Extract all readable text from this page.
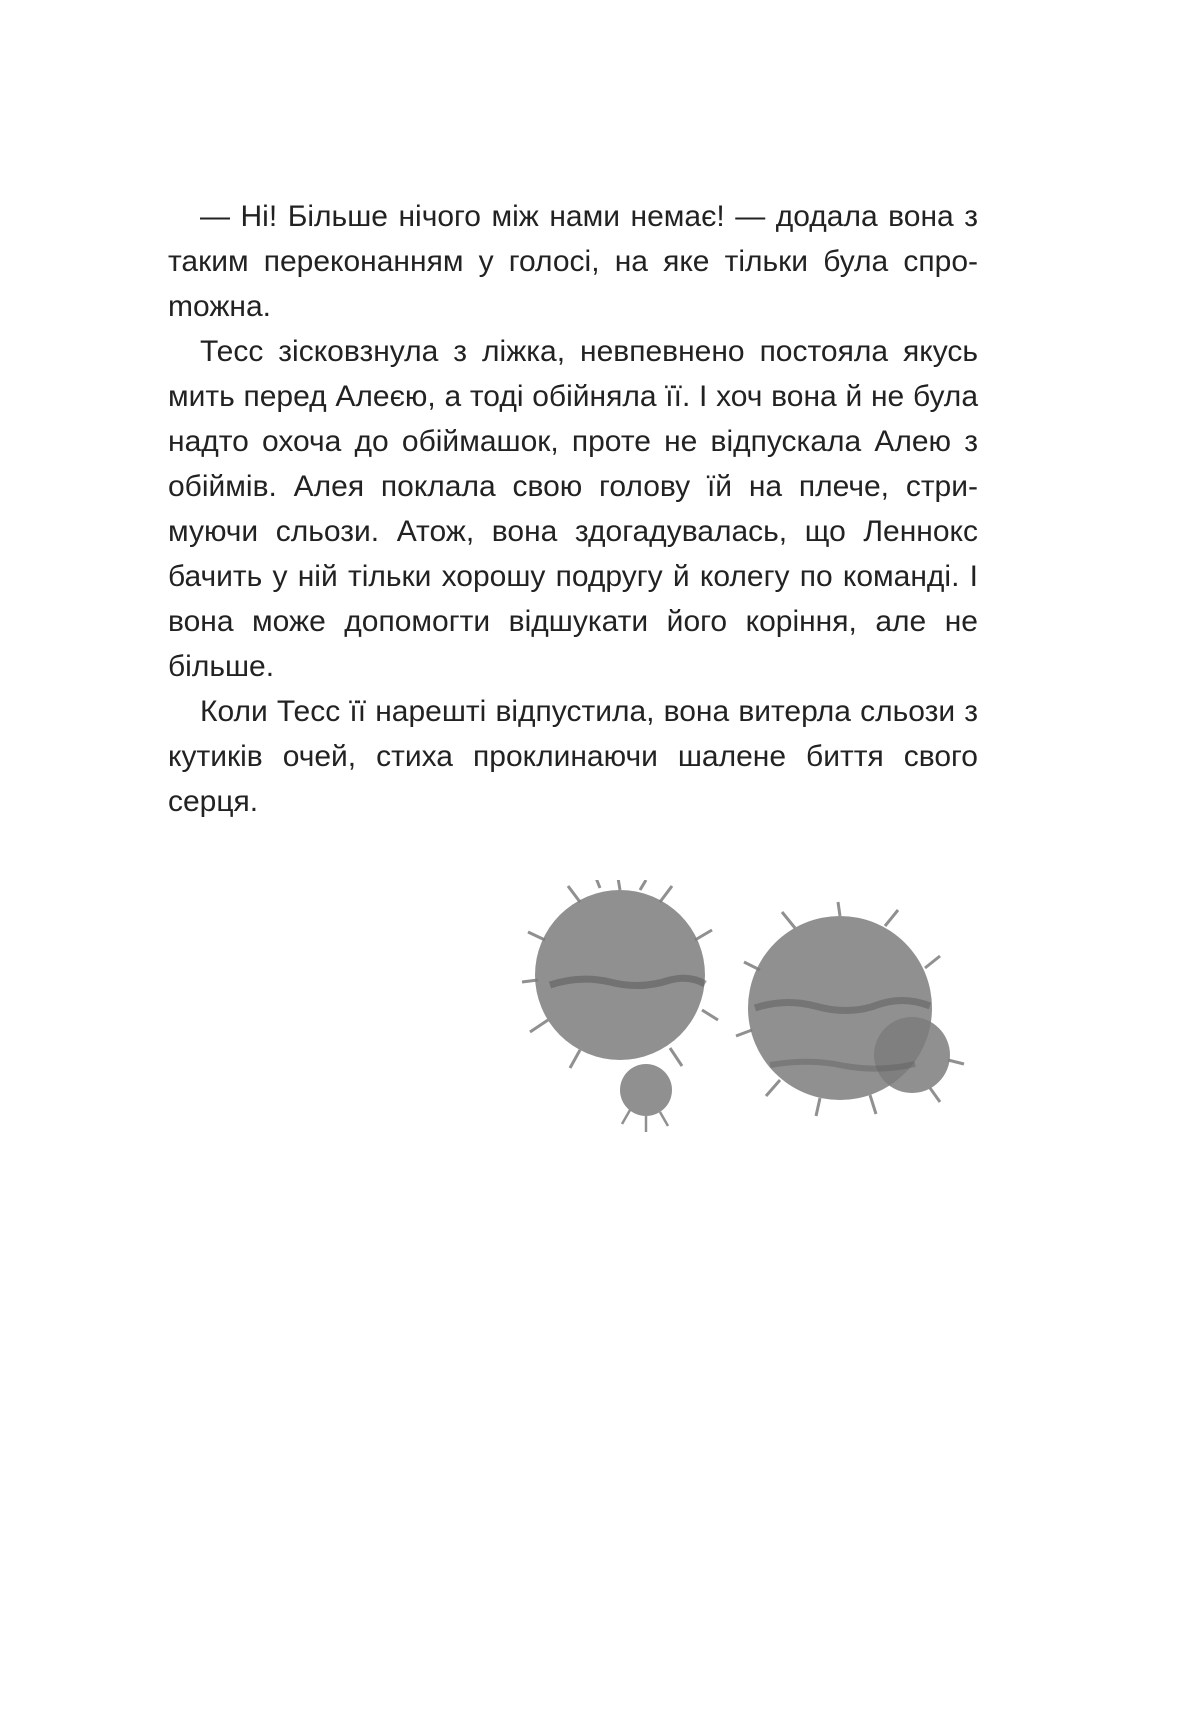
— Ні! Більше нічого між нами немає! — додала вона з таким переконанням у голосі, на яке тільки була спроmожна.

Тесс зісковзнула з ліжка, невпевнено постояла якусь мить перед Алеєю, а тоді обійняла її. І хоч вона й не була надто охоча до обіймашок, проте не відпускала Алею з обіймів. Алея поклала свою голову їй на плече, стримуючи сльози. Атож, вона здогадувалась, що Леннокс бачить у ній тільки хорошу подругу й колегу по команді. І вона може допомогти відшукати його коріння, але не більше.

Коли Тесс її нарешті відпустила, вона витерла сльози з кутиків очей, стиха проклинаючи шалене биття свого серця.
